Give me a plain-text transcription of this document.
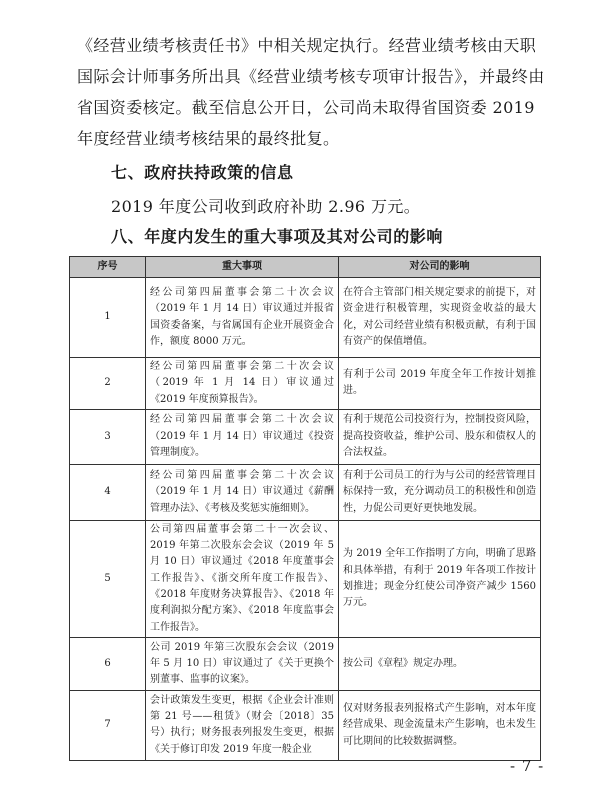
《经营业绩考核责任书》中相关规定执行。经营业绩考核由天职国际会计师事务所出具《经营业绩考核专项审计报告》，并最终由省国资委核定。截至信息公开日，公司尚未取得省国资委 2019 年度经营业绩考核结果的最终批复。

七、政府扶持政策的信息

2019 年度公司收到政府补助 2.96 万元。

八、年度内发生的重大事项及其对公司的影响

序号	重大事项	对公司的影响
1	经公司第四届董事会第二十次会议（2019 年 1 月 14 日）审议通过并报省国资委备案，与省属国有企业开展资金合作，额度 8000 万元。	在符合主管部门相关规定要求的前提下，对资金进行积极管理，实现资金收益的最大化，对公司经营业绩有积极贡献，有利于国有资产的保值增值。
2	经公司第四届董事会第二十次会议（2019 年 1 月 14 日）审议通过《2019 年度预算报告》。	有利于公司 2019 年度全年工作按计划推进。
3	经公司第四届董事会第二十次会议（2019 年 1 月 14 日）审议通过《投资管理制度》。	有利于规范公司投资行为，控制投资风险，提高投资收益，维护公司、股东和债权人的合法权益。
4	经公司第四届董事会第二十次会议（2019 年 1 月 14 日）审议通过《薪酬管理办法》、《考核及奖惩实施细则》。	有利于公司员工的行为与公司的经营管理目标保持一致，充分调动员工的积极性和创造性，力促公司更好更快地发展。
5	公司第四届董事会第二十一次会议、2019 年第二次股东会会议（2019 年 5 月 10 日）审议通过《2018 年度董事会工作报告》、《浙交所年度工作报告》、《2018 年度财务决算报告》、《2018 年度利润拟分配方案》、《2018 年度监事会工作报告》。	为 2019 全年工作指明了方向，明确了思路和具体举措，有利于 2019 年各项工作按计划推进；现金分红使公司净资产减少 1560 万元。
6	公司 2019 年第三次股东会会议（2019 年 5 月 10 日）审议通过了《关于更换个别董事、监事的议案》。	按公司《章程》规定办理。
7	会计政策发生变更，根据《企业会计准则第 21 号——租赁》（财会〔2018〕35 号）执行；财务报表列报发生变更，根据《关于修订印发 2019 年度一般企业	仅对财务报表列报格式产生影响，对本年度经营成果、现金流量未产生影响，也未发生可比期间的比较数据调整。
- 7 -
